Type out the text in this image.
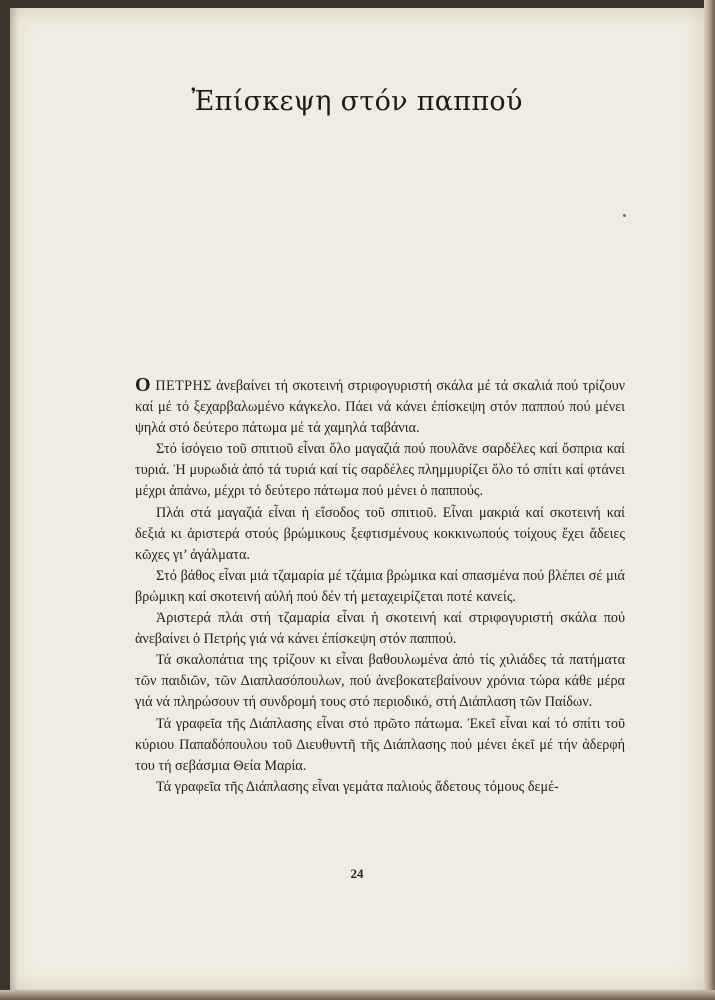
Ἐπίσκεψη στόν παππού

Ο ΠΕΤΡΗΣ ἀνεβαίνει τή σκοτεινή στριφογυριστή σκάλα μέ τά σκαλιά πού τρίζουν καί μέ τό ξεχαρβαλωμένο κάγκελο. Πάει νά κάνει ἐπίσκεψη στόν παππού πού μένει ψηλά στό δεύτερο πάτωμα μέ τά χαμηλά ταβάνια.

Στό ἰσόγειο τοῦ σπιτιοῦ εἶναι ὅλο μαγαζιά πού πουλᾶνε σαρδέλες καί ὄσπρια καί τυριά. Ἡ μυρωδιά ἀπό τά τυριά καί τίς σαρδέλες πλημμυρίζει ὅλο τό σπίτι καί φτάνει μέχρι ἀπάνω, μέχρι τό δεύτερο πάτωμα πού μένει ὁ παππούς.

Πλάι στά μαγαζιά εἶναι ἡ εἴσοδος τοῦ σπιτιοῦ. Εἶναι μακριά καί σκοτεινή καί δεξιά κι ἀριστερά στούς βρώμικους ξεφτισμένους κοκκινωπούς τοίχους ἔχει ἄδειες κῶχες γι’ ἀγάλματα.

Στό βάθος εἶναι μιά τζαμαρία μέ τζάμια βρώμικα καί σπασμένα πού βλέπει σέ μιά βρώμικη καί σκοτεινή αὐλή πού δέν τή μεταχειρίζεται ποτέ κανείς.

Ἀριστερά πλάι στή τζαμαρία εἶναι ἡ σκοτεινή καί στριφογυριστή σκάλα πού ἀνεβαίνει ὁ Πετρής γιά νά κάνει ἐπίσκεψη στόν παππού.

Τά σκαλοπάτια της τρίζουν κι εἶναι βαθουλωμένα ἀπό τίς χιλιάδες τά πατήματα τῶν παιδιῶν, τῶν Διαπλασόπουλων, πού ἀνεβοκατεβαίνουν χρόνια τώρα κάθε μέρα γιά νά πληρώσουν τή συνδρομή τους στό περιοδικό, στή Διάπλαση τῶν Παίδων.

Τά γραφεῖα τῆς Διάπλασης εἶναι στό πρῶτο πάτωμα. Ἐκεῖ εἶναι καί τό σπίτι τοῦ κύριου Παπαδόπουλου τοῦ Διευθυντῆ τῆς Διάπλασης πού μένει ἐκεῖ μέ τήν ἀδερφή του τή σεβάσμια Θεία Μαρία.

Τά γραφεῖα τῆς Διάπλασης εἶναι γεμάτα παλιούς ἄδετους τόμους δεμέ-

24
